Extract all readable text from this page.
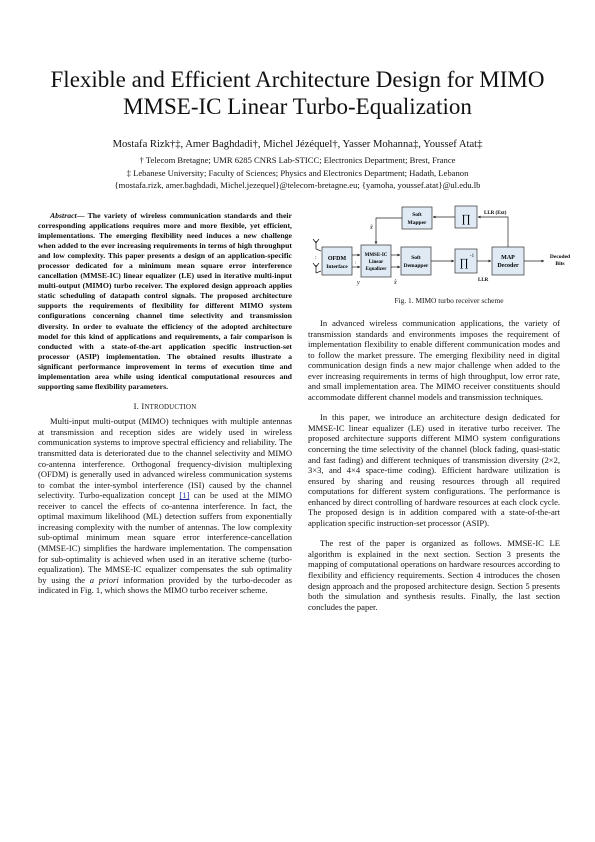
Flexible and Efficient Architecture Design for MIMO
MMSE-IC Linear Turbo-Equalization
Mostafa Rizk†‡, Amer Baghdadi†, Michel Jézéquel†, Yasser Mohanna‡, Youssef Atat‡
† Telecom Bretagne; UMR 6285 CNRS Lab-STICC; Electronics Department; Brest, France
‡ Lebanese University; Faculty of Sciences; Physics and Electronics Department; Hadath, Lebanon
{mostafa.rizk, amer.baghdadi, Michel.jezequel}@telecom-bretagne.eu; {yamoha, youssef.atat}@ul.edu.lb

Abstract— The variety of wireless communication standards and their corresponding applications requires more and more flexible, yet efficient, implementations. The emerging flexibility need induces a new challenge when added to the ever increasing requirements in terms of high throughput and low complexity. This paper presents a design of an application-specific processor dedicated for a minimum mean square error interference cancellation (MMSE-IC) linear equalizer (LE) used in iterative multi-input multi-output (MIMO) turbo receiver. The explored design approach applies static scheduling of datapath control signals. The proposed architecture supports the requirements of flexibility for different MIMO system configurations concerning channel time selectivity and transmission diversity. In order to evaluate the efficiency of the adopted architecture model for this kind of applications and requirements, a fair comparison is conducted with a state-of-the-art application specific instruction-set processor (ASIP) implementation. The obtained results illustrate a significant performance improvement in terms of execution time and implementation area while using identical computational resources and supporting same flexibility parameters.

I. INTRODUCTION

Multi-input multi-output (MIMO) techniques with multiple antennas at transmission and reception sides are widely used in wireless communication systems to improve spectral efficiency and reliability. The transmitted data is deteriorated due to the channel selectivity and MIMO co-antenna interference. Orthogonal frequency-division multiplexing (OFDM) is generally used in advanced wireless communication systems to combat the inter-symbol interference (ISI) caused by the channel selectivity. Turbo-equalization concept [1] can be used at the MIMO receiver to cancel the effects of co-antenna interference. In fact, the optimal maximum likelihood (ML) detection suffers from exponentially increasing complexity with the number of antennas. The low complexity sub-optimal minimum mean square error interference-cancellation (MMSE-IC) simplifies the hardware implementation. The compensation for sub-optimality is achieved when used in an iterative scheme (turbo-equalization). The MMSE-IC equalizer compensates the sub optimality by using the a priori information provided by the turbo-decoder as indicated in Fig. 1, which shows the MIMO turbo receiver scheme.

: OFDM
Interface
:
MMSE-IC
Linear
Equalizer
y	x̂
Soft
Demapper	∏
-1
LLR
MAP
Decoder
Decoded
Bits
LLR (Ext)
∏
Soft
Mapper
x̃
Fig. 1. MIMO turbo receiver scheme

In advanced wireless communication applications, the variety of transmission standards and environments imposes the requirement of implementation flexibility to enable different communication modes and to follow the market pressure. The emerging flexibility need in digital communication design finds a new major challenge when added to the ever increasing requirements in terms of high throughput, low error rate, and small implementation area. The MIMO receiver constituents should accommodate different channel models and transmission techniques.

In this paper, we introduce an architecture design dedicated for MMSE-IC linear equalizer (LE) used in iterative turbo receiver. The proposed architecture supports different MIMO system configurations concerning the time selectivity of the channel (block fading, quasi-static and fast fading) and different techniques of transmission diversity (2×2, 3×3, and 4×4 space-time coding). Efficient hardware utilization is ensured by sharing and reusing resources through all required computations for different system configurations. The performance is enhanced by direct controlling of hardware resources at each clock cycle. The proposed design is in addition compared with a state-of-the-art application specific instruction-set processor (ASIP).

The rest of the paper is organized as follows. MMSE-IC LE algorithm is explained in the next section. Section 3 presents the mapping of computational operations on hardware resources according to flexibility and efficiency requirements. Section 4 introduces the chosen design approach and the proposed architecture design. Section 5 presents both the simulation and synthesis results. Finally, the last section concludes the paper.
